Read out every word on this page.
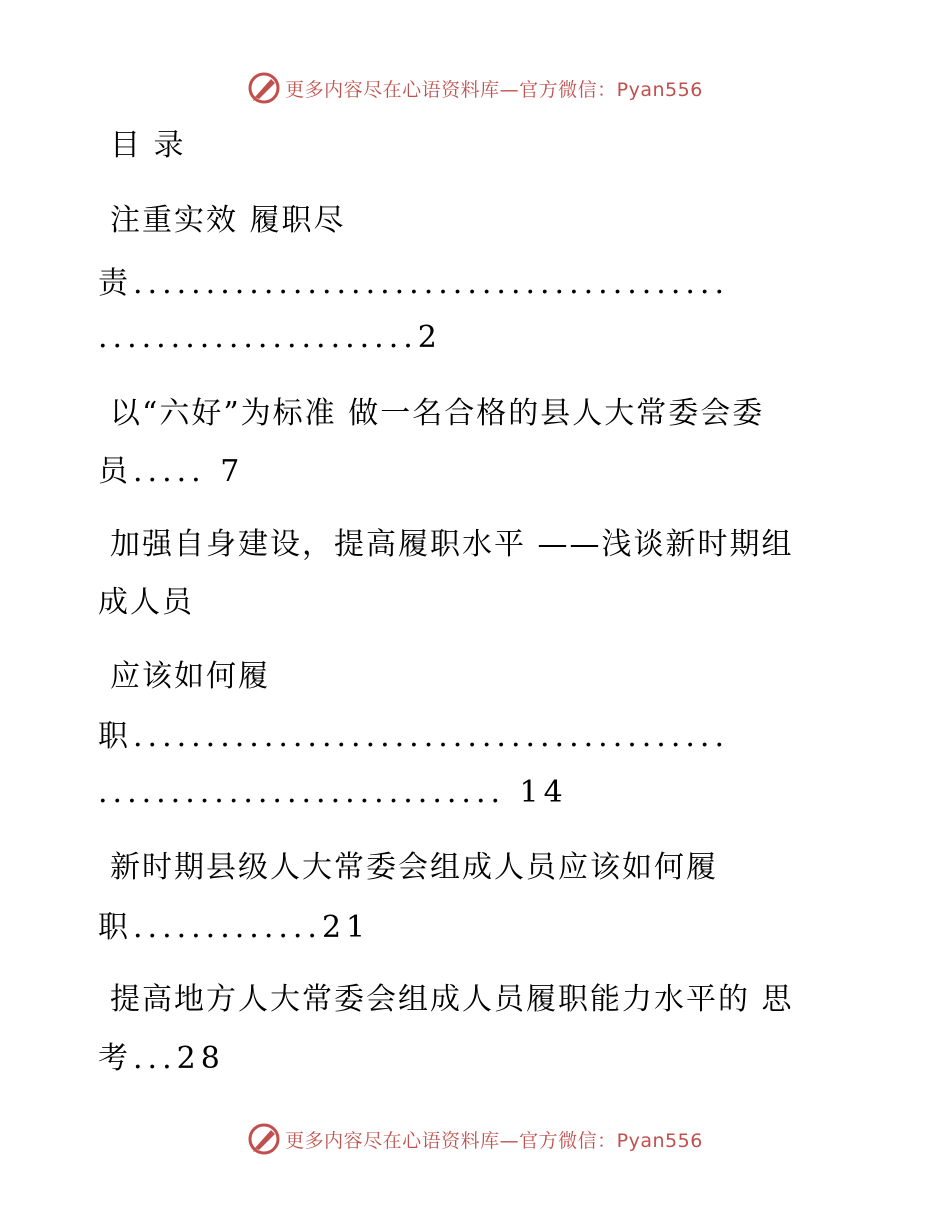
更多内容尽在心语资料库—官方微信：Pyan556
目 录
注重实效 履职尽
责.........................................
......................2
以“六好”为标准 做一名合格的县人大常委会委
员..... 7
加强自身建设，提高履职水平 ——浅谈新时期组
成人员
应该如何履
职.........................................
............................ 14
新时期县级人大常委会组成人员应该如何履
职.............21
提高地方人大常委会组成人员履职能力水平的 思
考...28
更多内容尽在心语资料库—官方微信：Pyan556
